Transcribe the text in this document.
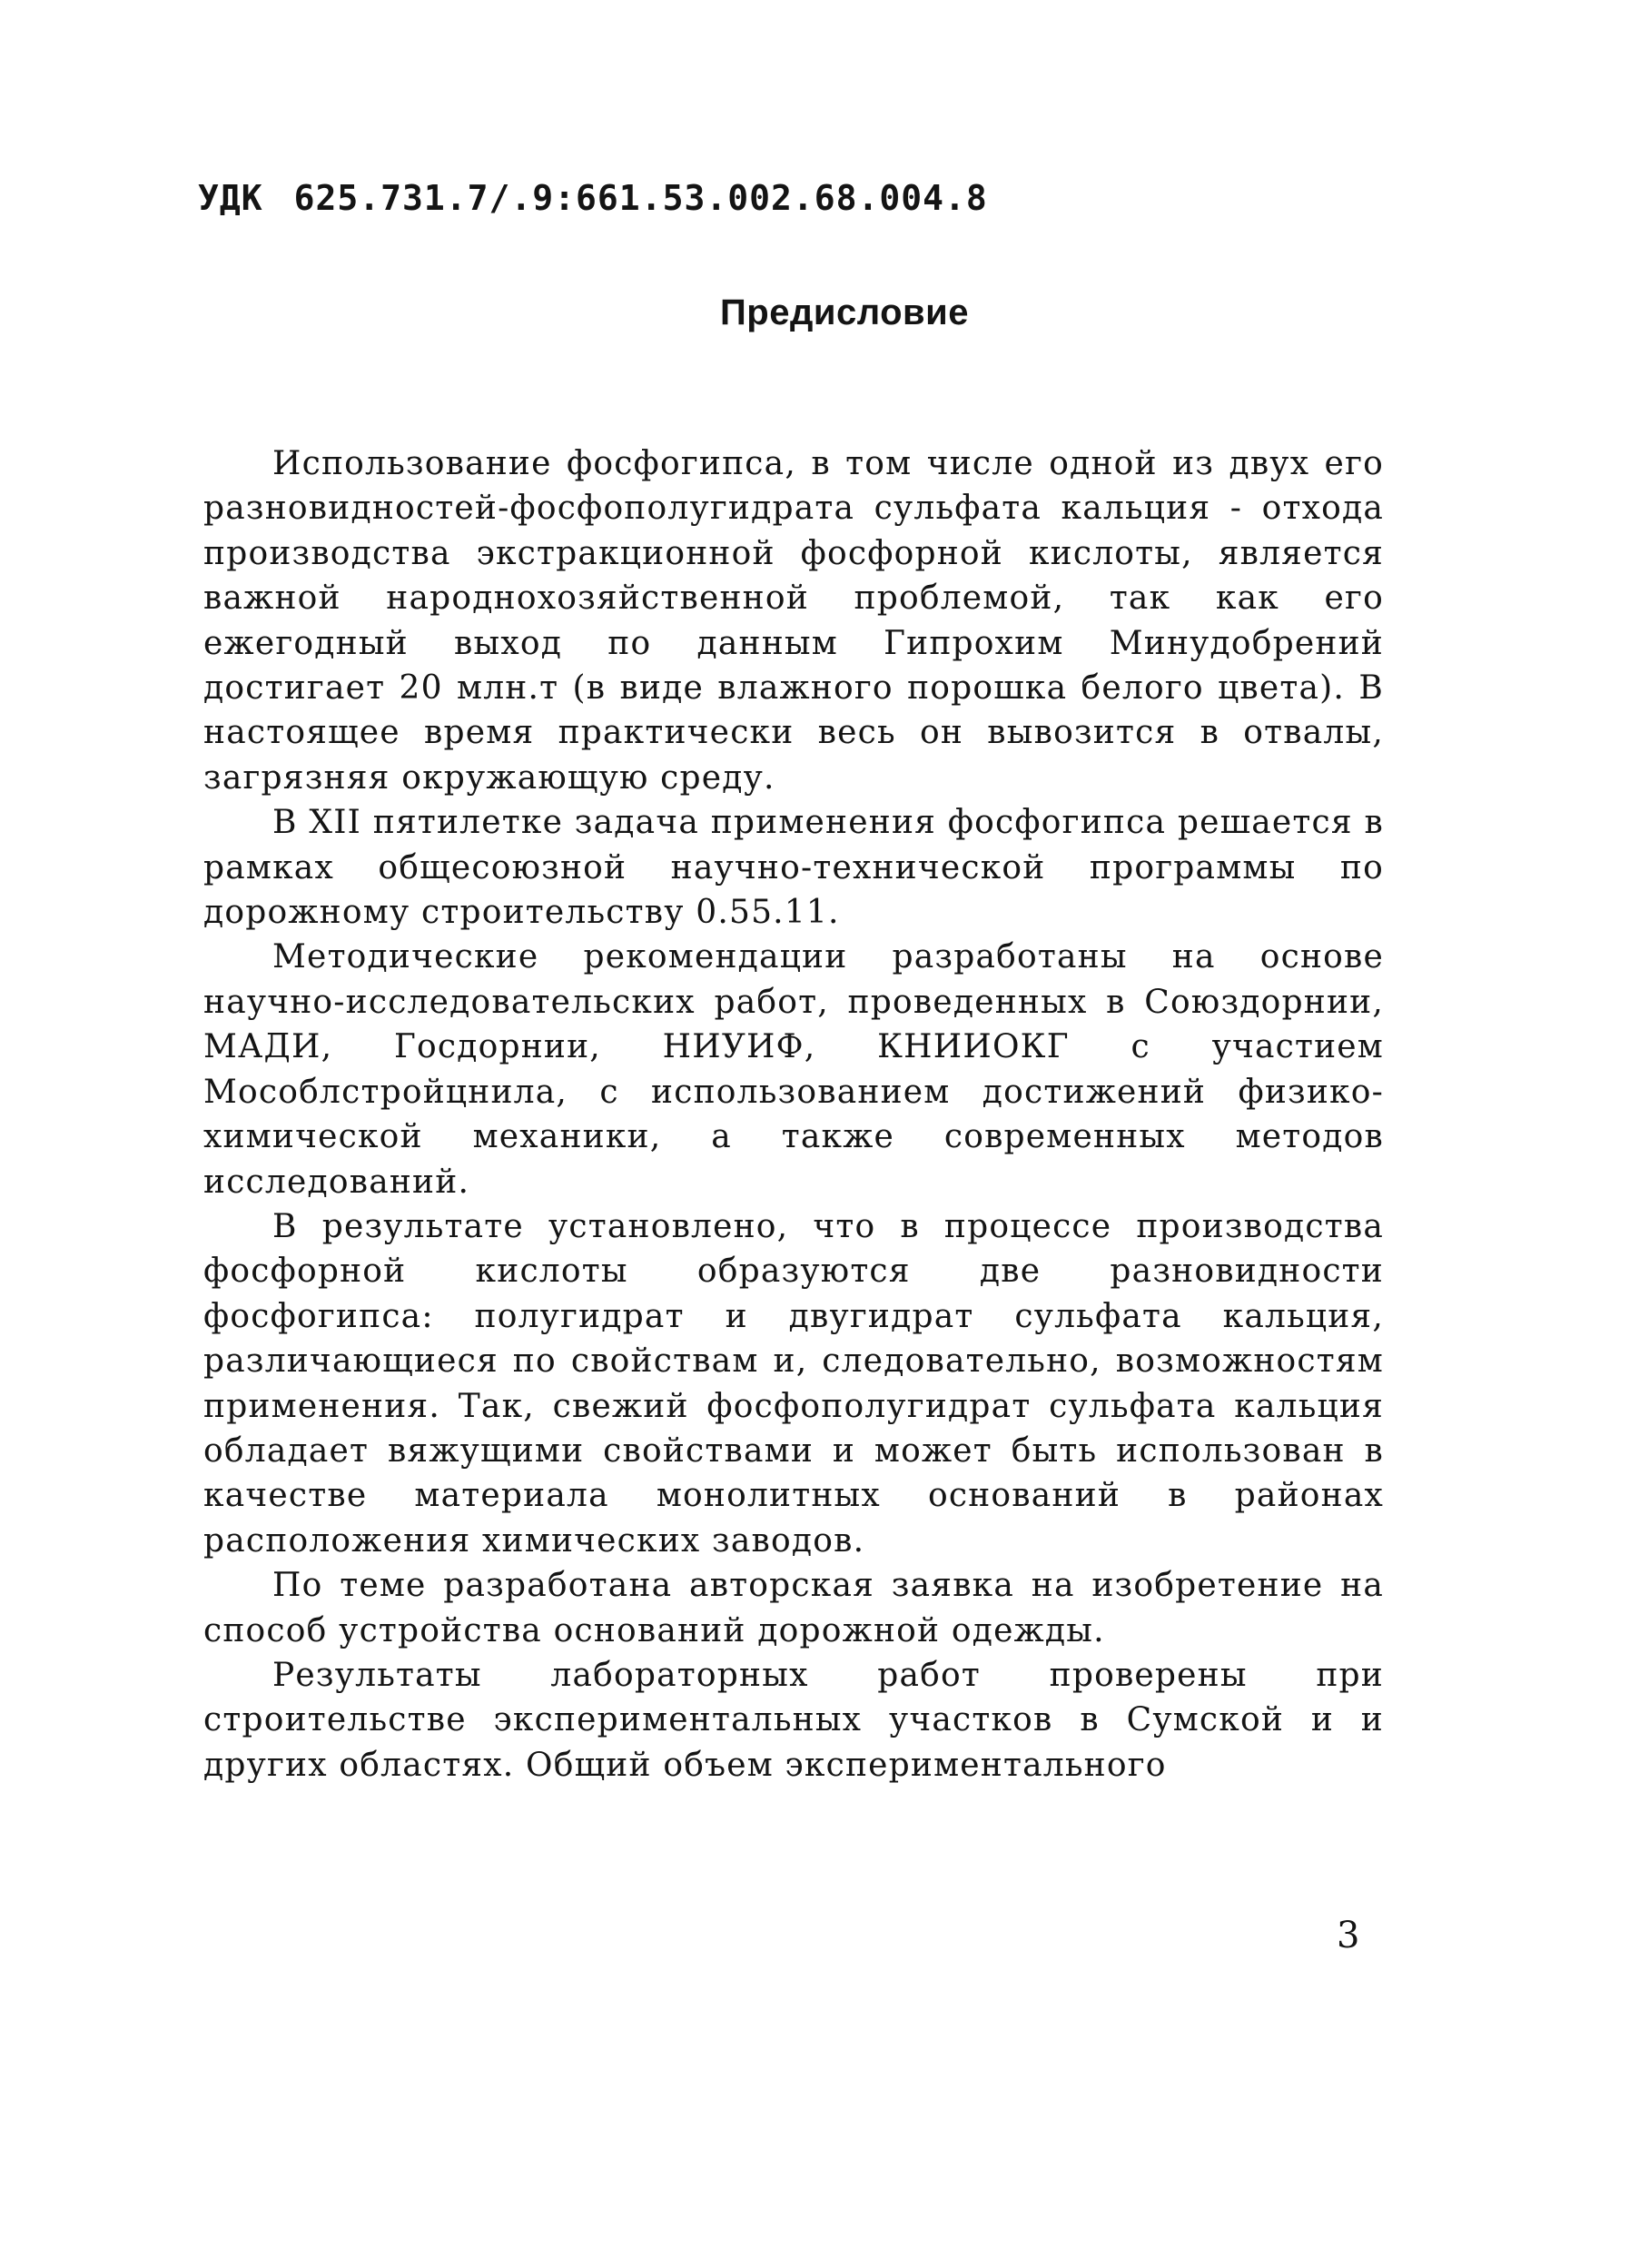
УДК 625.731.7/.9:661.53.002.68.004.8
Предисловие

Использование фосфогипса, в том числе одной из двух его разновидностей-фосфополугидрата сульфата кальция - отхода производства экстракционной фосфорной кислоты, является важной народнохозяйственной проблемой, так как его ежегодный выход по данным Гипрохим Минудобрений достигает 20 млн.т (в виде влажного порошка белого цвета). В настоящее время практически весь он вывозится в отвалы, загрязняя окружающую среду.

В XII пятилетке задача применения фосфогипса решается в рамках общесоюзной научно-технической программы по дорожному строительству 0.55.11.

Методические рекомендации разработаны на основе научно-исследовательских работ, проведенных в Союздорнии, МАДИ, Госдорнии, НИУИФ, КНИИОКГ с участием Мособлстройцнила, с использованием достижений физико-химической механики, а также современных методов исследований.

В результате установлено, что в процессе производства фосфорной кислоты образуются две разновидности фосфогипса: полугидрат и двугидрат сульфата кальция, различающиеся по свойствам и, следовательно, возможностям применения. Так, свежий фосфополугидрат сульфата кальция обладает вяжущими свойствами и может быть использован в качестве материала монолитных оснований в районах расположения химических заводов.

По теме разработана авторская заявка на изобретение на способ устройства оснований дорожной одежды.

Результаты лабораторных работ проверены при строительстве экспериментальных участков в Сумской и и других областях. Общий объем экспериментального

3
